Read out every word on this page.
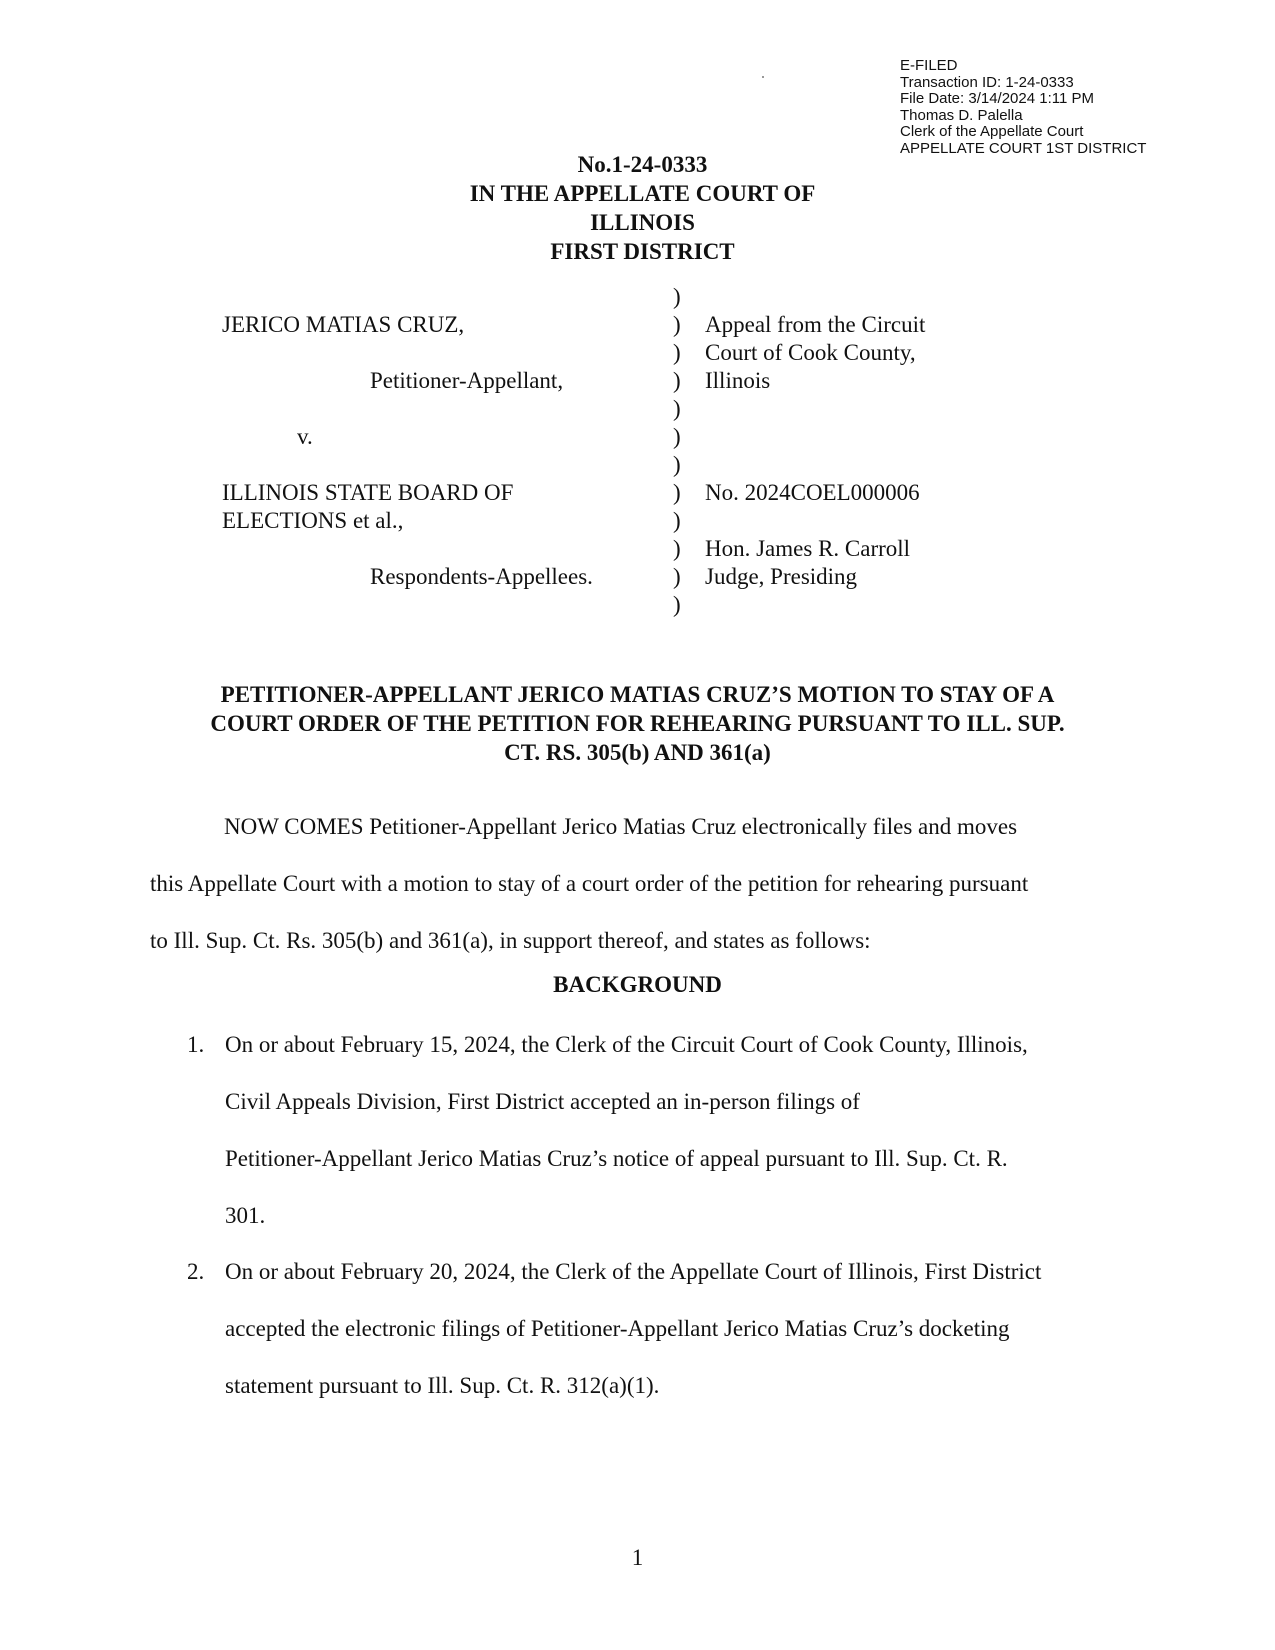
E-FILED
Transaction ID: 1-24-0333
File Date: 3/14/2024 1:11 PM
Thomas D. Palella
Clerk of the Appellate Court
APPELLATE COURT 1ST DISTRICT
No.1-24-0333
IN THE APPELLATE COURT OF
ILLINOIS
FIRST DISTRICT
JERICO MATIAS CRUZ,
Petitioner-Appellant,
v.
ILLINOIS STATE BOARD OF
ELECTIONS et al.,
Respondents-Appellees.
)
)
)
)
)
)
)
)
)
)
)
)
Appeal from the Circuit
Court of Cook County,
Illinois
No. 2024COEL000006
Hon. James R. Carroll
Judge, Presiding
PETITIONER-APPELLANT JERICO MATIAS CRUZ’S MOTION TO STAY OF A
COURT ORDER OF THE PETITION FOR REHEARING PURSUANT TO ILL. SUP.
CT. RS. 305(b) AND 361(a)
NOW COMES Petitioner-Appellant Jerico Matias Cruz electronically files and moves
this Appellate Court with a motion to stay of a court order of the petition for rehearing pursuant
to Ill. Sup. Ct. Rs. 305(b) and 361(a), in support thereof, and states as follows:
BACKGROUND
1. On or about February 15, 2024, the Clerk of the Circuit Court of Cook County, Illinois,
Civil Appeals Division, First District accepted an in-person filings of
Petitioner-Appellant Jerico Matias Cruz’s notice of appeal pursuant to Ill. Sup. Ct. R.
301.
2. On or about February 20, 2024, the Clerk of the Appellate Court of Illinois, First District
accepted the electronic filings of Petitioner-Appellant Jerico Matias Cruz’s docketing
statement pursuant to Ill. Sup. Ct. R. 312(a)(1).
1
